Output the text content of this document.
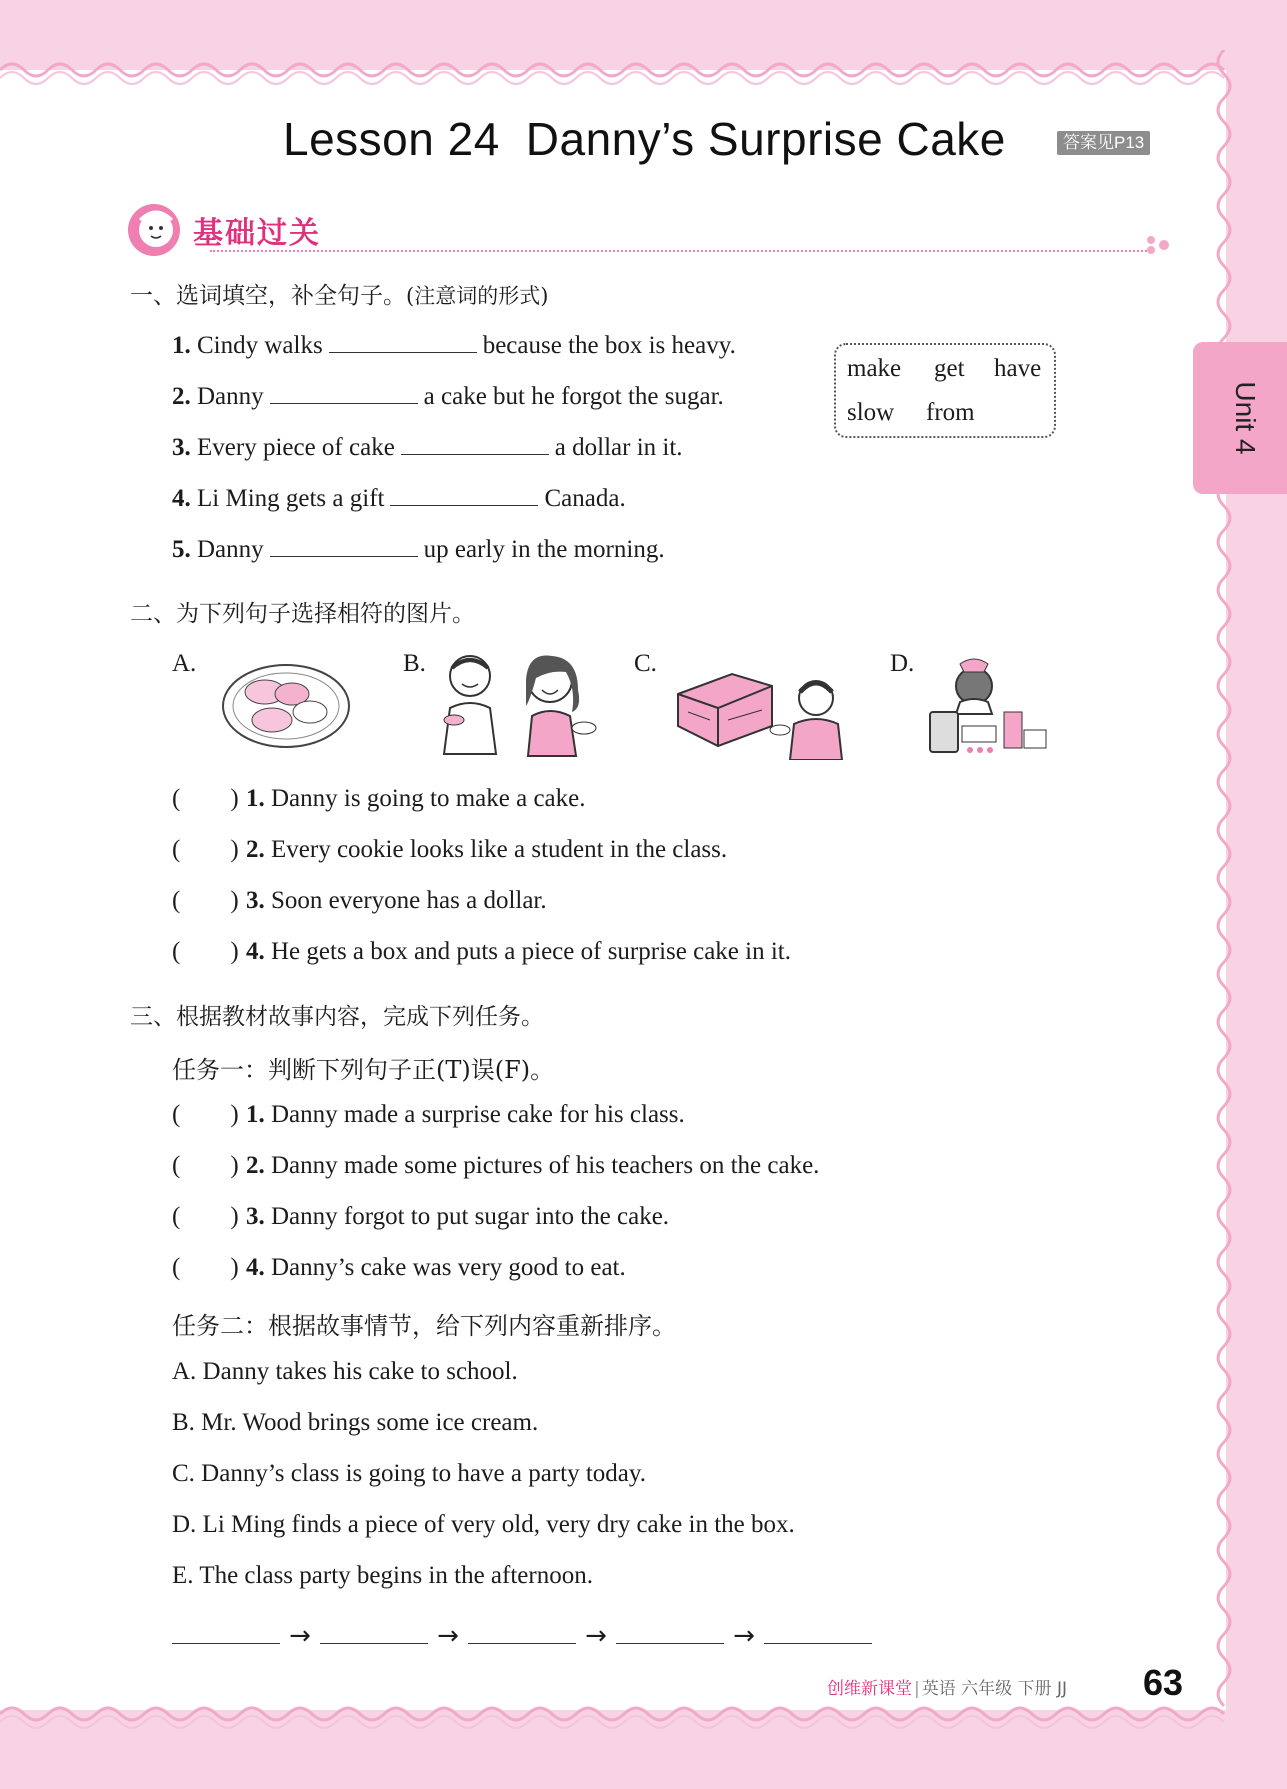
Lesson 24 Danny’s Surprise Cake	答案见P13
基础过关
一、选词填空，补全句子。(注意词的形式)
1. Cindy walks	because the box is heavy.
2. Danny	a cake but he forgot the sugar.
3. Every piece of cake	a dollar in it.
4. Li Ming gets a gift	Canada.
5. Danny	up early in the morning.
make get have
slow from
二、为下列句子选择相符的图片。
A.	B.	C.	D.
(        ) 1. Danny is going to make a cake.
(        ) 2. Every cookie looks like a student in the class.
(        ) 3. Soon everyone has a dollar.
(        ) 4. He gets a box and puts a piece of surprise cake in it.
三、根据教材故事内容，完成下列任务。
任务一：判断下列句子正(T)误(F)。
(        ) 1. Danny made a surprise cake for his class.
(        ) 2. Danny made some pictures of his teachers on the cake.
(        ) 3. Danny forgot to put sugar into the cake.
(        ) 4. Danny’s cake was very good to eat.
任务二：根据故事情节，给下列内容重新排序。
A. Danny takes his cake to school.
B. Mr. Wood brings some ice cream.
C. Danny’s class is going to have a party today.
D. Li Ming finds a piece of very old, very dry cake in the box.
E. The class party begins in the afternoon.
→	→	→	→
Unit 4
创维新课堂 | 英语 六年级 下册 JJ 63
